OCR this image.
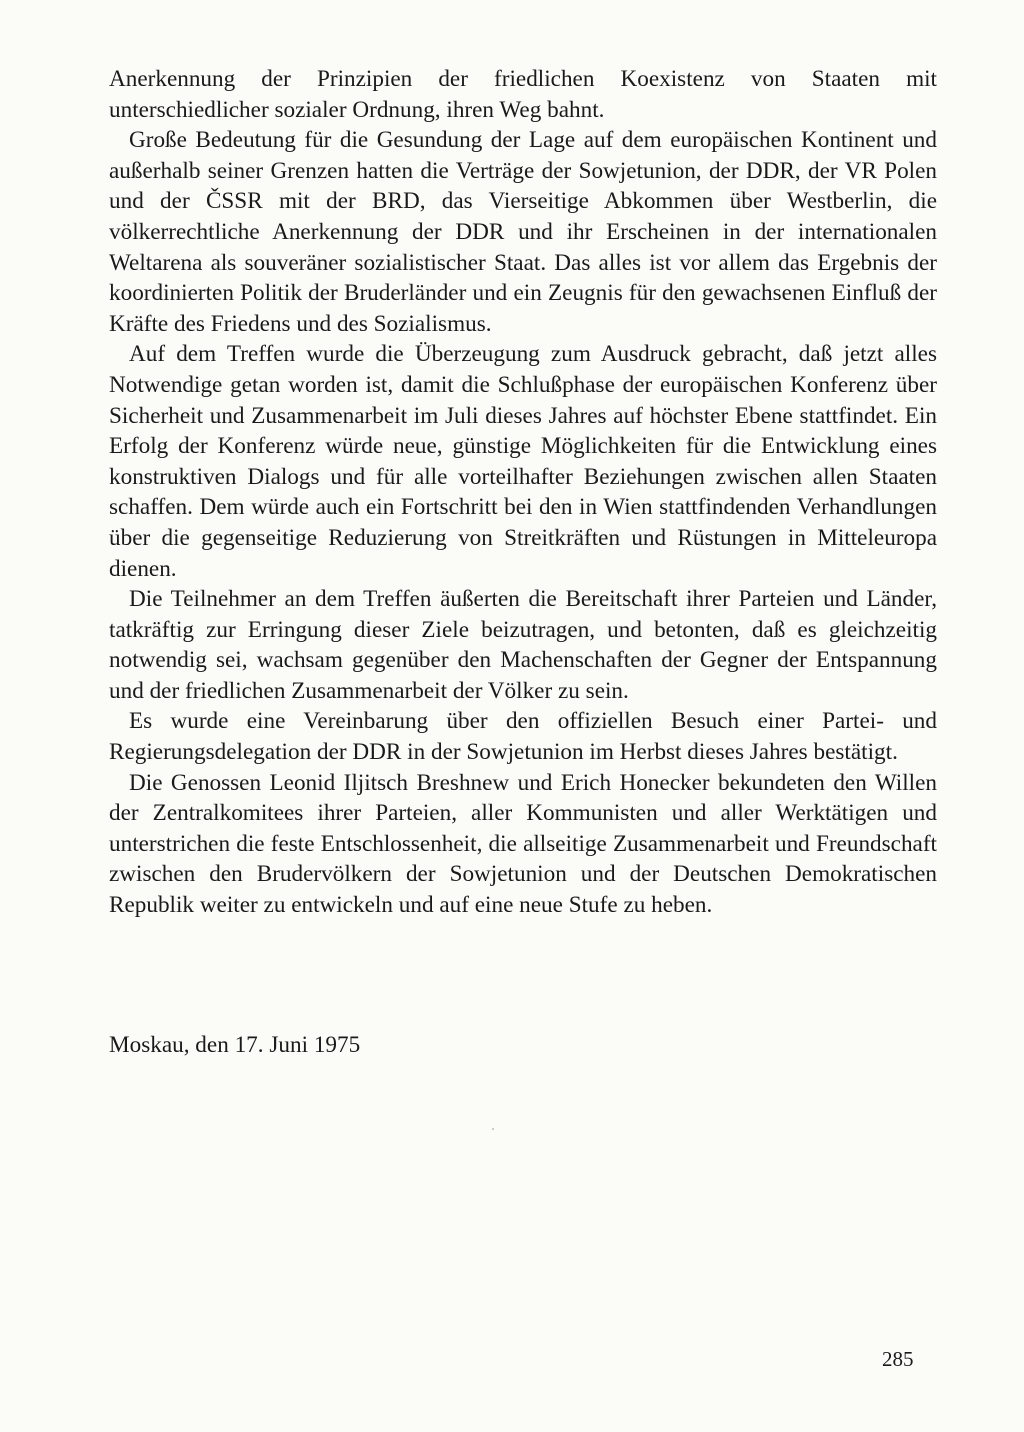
Anerkennung der Prinzipien der friedlichen Koexistenz von Staaten mit unterschiedlicher sozialer Ordnung, ihren Weg bahnt.

Große Bedeutung für die Gesundung der Lage auf dem europäischen Kontinent und außerhalb seiner Grenzen hatten die Verträge der Sowjetunion, der DDR, der VR Polen und der ČSSR mit der BRD, das Vierseitige Abkommen über Westberlin, die völkerrechtliche Anerkennung der DDR und ihr Erscheinen in der internationalen Weltarena als souveräner sozialistischer Staat. Das alles ist vor allem das Ergebnis der koordinierten Politik der Bruderländer und ein Zeugnis für den gewachsenen Einfluß der Kräfte des Friedens und des Sozialismus.

Auf dem Treffen wurde die Überzeugung zum Ausdruck gebracht, daß jetzt alles Notwendige getan worden ist, damit die Schlußphase der europäischen Konferenz über Sicherheit und Zusammenarbeit im Juli dieses Jahres auf höchster Ebene stattfindet. Ein Erfolg der Konferenz würde neue, günstige Möglichkeiten für die Entwicklung eines konstruktiven Dialogs und für alle vorteilhafter Beziehungen zwischen allen Staaten schaffen. Dem würde auch ein Fortschritt bei den in Wien stattfindenden Verhandlungen über die gegenseitige Reduzierung von Streitkräften und Rüstungen in Mitteleuropa dienen.

Die Teilnehmer an dem Treffen äußerten die Bereitschaft ihrer Parteien und Länder, tatkräftig zur Erringung dieser Ziele beizutragen, und betonten, daß es gleichzeitig notwendig sei, wachsam gegenüber den Machenschaften der Gegner der Entspannung und der friedlichen Zusammenarbeit der Völker zu sein.

Es wurde eine Vereinbarung über den offiziellen Besuch einer Partei- und Regierungsdelegation der DDR in der Sowjetunion im Herbst dieses Jahres bestätigt.

Die Genossen Leonid Iljitsch Breshnew und Erich Honecker bekundeten den Willen der Zentralkomitees ihrer Parteien, aller Kommunisten und aller Werktätigen und unterstrichen die feste Entschlossenheit, die allseitige Zusammenarbeit und Freundschaft zwischen den Brudervölkern der Sowjetunion und der Deutschen Demokratischen Republik weiter zu entwickeln und auf eine neue Stufe zu heben.

Moskau, den 17. Juni 1975

285
